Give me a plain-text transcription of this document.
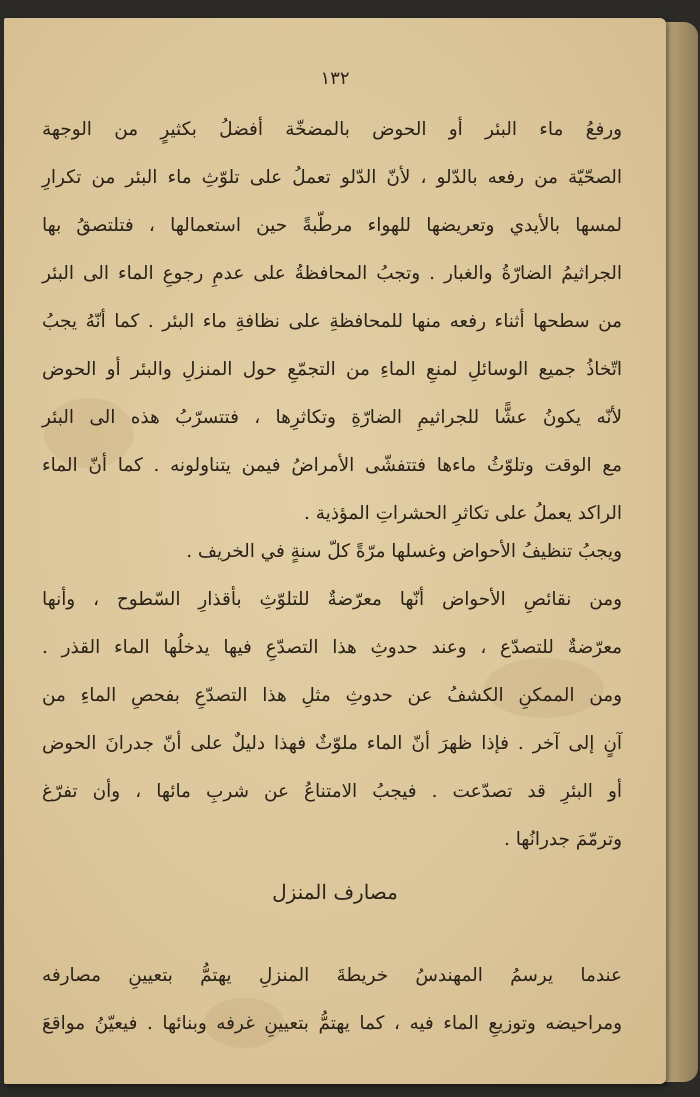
١٣٢
ورفعُ ماء البئر أو الحوض بالمضخّة أفضلُ بكثيرٍ من الوجهة
الصحّيّة من رفعه بالدّلو ، لأنّ الدّلو تعملُ على تلوّثِ ماء البئر من تكرارِ
لمسها بالأيدي وتعريضها للهواء مرطّبةً حين استعمالها ، فتلتصقُ بها
الجراثيمُ الضارّةُ والغبار . وتجبُ المحافظةُ على عدمِ رجوعِ الماء الى البئر
من سطحها أثناء رفعه منها للمحافظةِ على نظافةِ ماء البئر . كما أنّهُ يجبُ
اتّخاذُ جميع الوسائلِ لمنعِ الماءِ من التجمّعِ حول المنزلِ والبئر أو الحوض
لأنّه يكونُ عشًّا للجراثيمِ الضارّةِ وتكاثرِها ، فتتسرّبُ هذه الى البئر
مع الوقت وتلوّثُ ماءها فتتفشّى الأمراضُ فيمن يتناولونه . كما أنّ الماء
الراكد يعملُ على تكاثرِ الحشراتِ المؤذية .
ويجبُ تنظيفُ الأحواض وغسلها مرّةً كلّ سنةٍ في الخريف .
ومن نقائصِ الأحواض أنّها معرّضةٌ للتلوّثِ بأقذارِ السّطوح ، وأنها
معرّضةٌ للتصدّع ، وعند حدوثِ هذا التصدّعِ فيها يدخلُها الماء القذر .
ومن الممكنِ الكشفُ عن حدوثِ مثلِ هذا التصدّعِ بفحصِ الماءِ من
آنٍ إلى آخر . فإذا ظهرَ أنّ الماء ملوّثٌ فهذا دليلٌ على أنّ جدرانَ الحوض
أو البئرِ قد تصدّعت . فيجبُ الامتناعُ عن شربِ مائها ، وأن تفرّغ
وترمّمَ جدرانُها .
مصارف المنزل
عندما يرسمُ المهندسُ خريطةَ المنزلِ يهتمُّ بتعيينِ مصارفه
ومراحيضه وتوزيعِ الماء فيه ، كما يهتمُّ بتعيينِ غرفه وبنائها . فيعيّنُ مواقعَ
